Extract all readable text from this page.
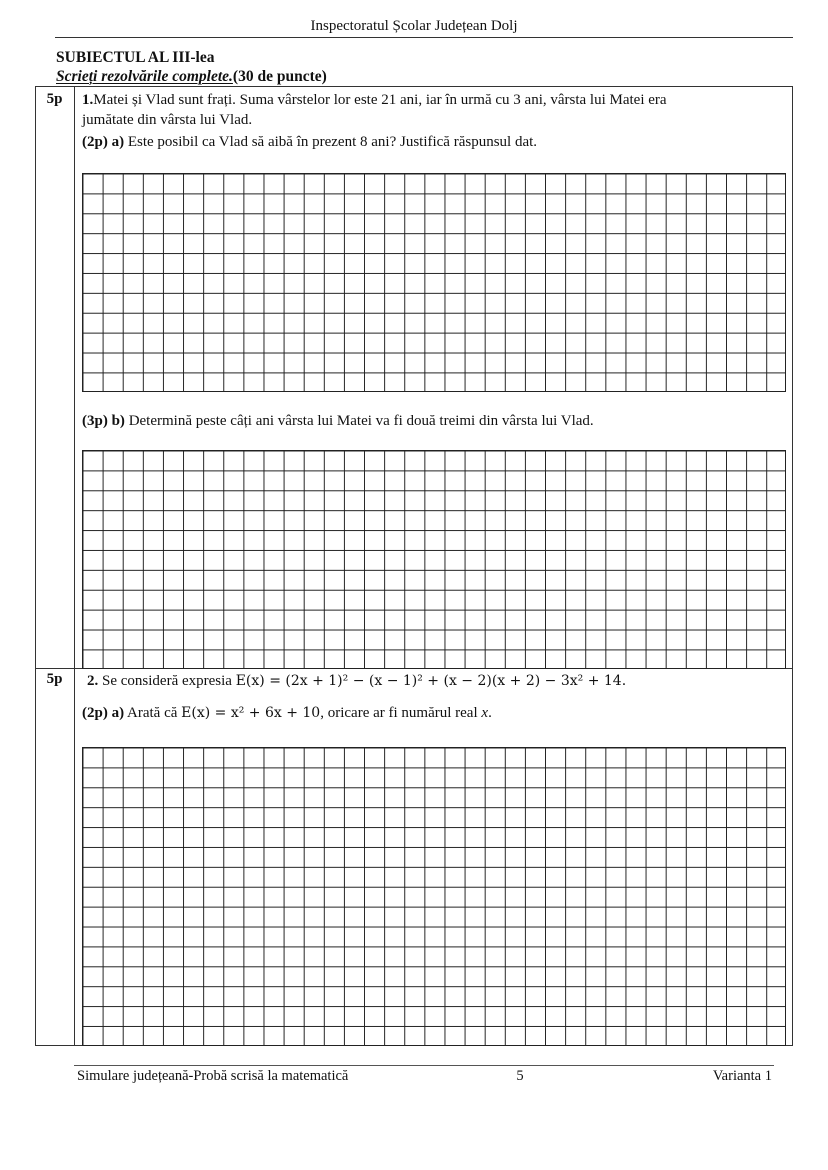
Inspectoratul Școlar Județean Dolj
SUBIECTUL AL III-lea
Scrieți rezolvările complete.(30 de puncte)
5p	1.Matei și Vlad sunt frați. Suma vârstelor lor este 21 ani, iar în urmă cu 3 ani, vârsta lui Matei era
jumătate din vârsta lui Vlad.
(2p) a) Este posibil ca Vlad să aibă în prezent 8 ani? Justifică răspunsul dat.
(3p) b) Determină peste câți ani vârsta lui Matei va fi două treimi din vârsta lui Vlad.
5p	2. Se consideră expresia E(x) = (2x + 1)² − (x − 1)² + (x − 2)(x + 2) − 3x² + 14.
(2p) a) Arată că E(x) = x² + 6x + 10, oricare ar fi numărul real x.
Simulare județeană-Probă scrisă la matematică	5	Varianta 1
